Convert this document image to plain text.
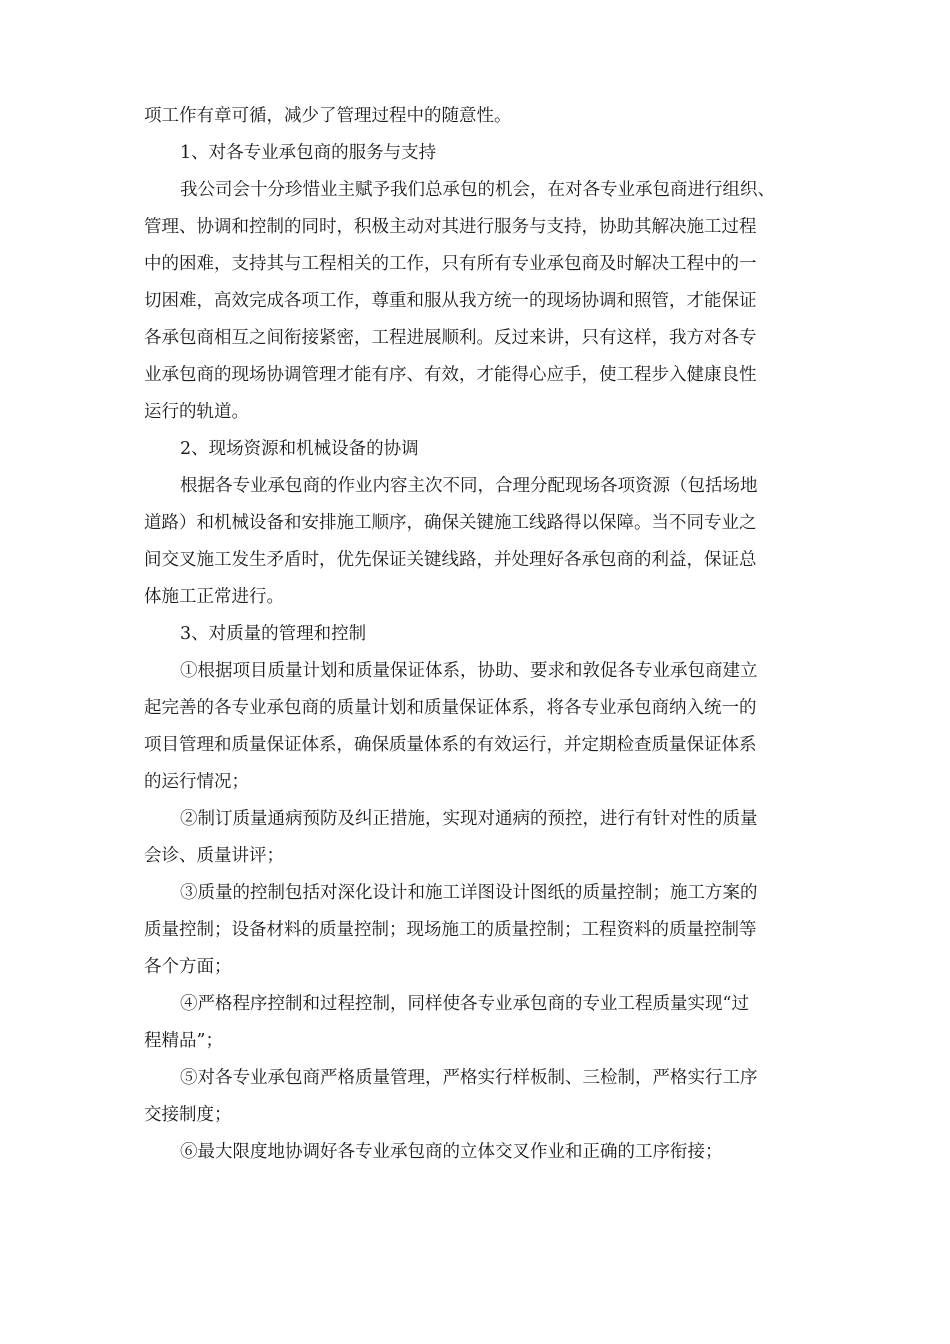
项工作有章可循，减少了管理过程中的随意性。

1、对各专业承包商的服务与支持

我公司会十分珍惜业主赋予我们总承包的机会，在对各专业承包商进行组织、
管理、协调和控制的同时，积极主动对其进行服务与支持，协助其解决施工过程
中的困难，支持其与工程相关的工作，只有所有专业承包商及时解决工程中的一
切困难，高效完成各项工作，尊重和服从我方统一的现场协调和照管，才能保证
各承包商相互之间衔接紧密，工程进展顺利。反过来讲，只有这样，我方对各专
业承包商的现场协调管理才能有序、有效，才能得心应手，使工程步入健康良性
运行的轨道。

2、现场资源和机械设备的协调

根据各专业承包商的作业内容主次不同，合理分配现场各项资源（包括场地
道路）和机械设备和安排施工顺序，确保关键施工线路得以保障。当不同专业之
间交叉施工发生矛盾时，优先保证关键线路，并处理好各承包商的利益，保证总
体施工正常进行。

3、对质量的管理和控制

①根据项目质量计划和质量保证体系，协助、要求和敦促各专业承包商建立
起完善的各专业承包商的质量计划和质量保证体系，将各专业承包商纳入统一的
项目管理和质量保证体系，确保质量体系的有效运行，并定期检查质量保证体系
的运行情况；

②制订质量通病预防及纠正措施，实现对通病的预控，进行有针对性的质量
会诊、质量讲评；

③质量的控制包括对深化设计和施工详图设计图纸的质量控制；施工方案的
质量控制；设备材料的质量控制；现场施工的质量控制；工程资料的质量控制等
各个方面；

④严格程序控制和过程控制，同样使各专业承包商的专业工程质量实现“过
程精品”；

⑤对各专业承包商严格质量管理，严格实行样板制、三检制，严格实行工序
交接制度；

⑥最大限度地协调好各专业承包商的立体交叉作业和正确的工序衔接；
